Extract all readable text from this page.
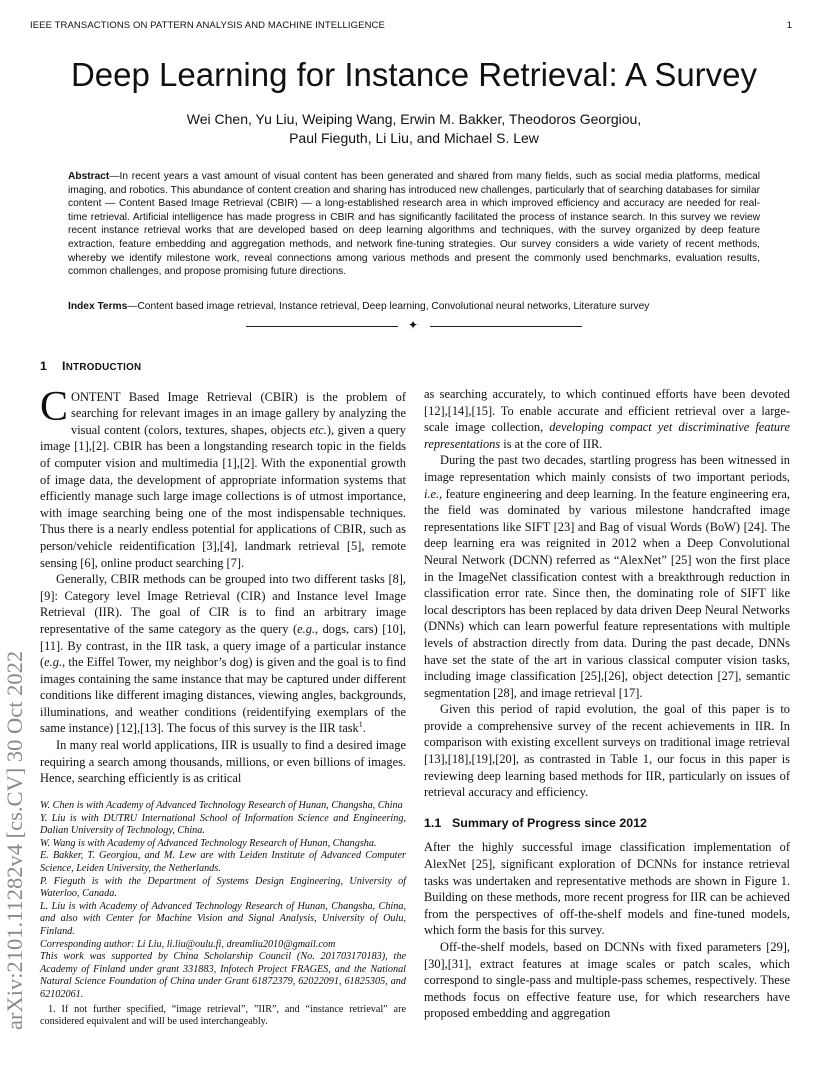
IEEE TRANSACTIONS ON PATTERN ANALYSIS AND MACHINE INTELLIGENCE	1
Deep Learning for Instance Retrieval: A Survey
Wei Chen, Yu Liu, Weiping Wang, Erwin M. Bakker, Theodoros Georgiou,
Paul Fieguth, Li Liu, and Michael S. Lew
Abstract—In recent years a vast amount of visual content has been generated and shared from many fields, such as social media platforms, medical imaging, and robotics. This abundance of content creation and sharing has introduced new challenges, particularly that of searching databases for similar content — Content Based Image Retrieval (CBIR) — a long-established research area in which improved efficiency and accuracy are needed for real-time retrieval. Artificial intelligence has made progress in CBIR and has significantly facilitated the process of instance search. In this survey we review recent instance retrieval works that are developed based on deep learning algorithms and techniques, with the survey organized by deep feature extraction, feature embedding and aggregation methods, and network fine-tuning strategies. Our survey considers a wide variety of recent methods, whereby we identify milestone work, reveal connections among various methods and present the commonly used benchmarks, evaluation results, common challenges, and propose promising future directions.
Index Terms—Content based image retrieval, Instance retrieval, Deep learning, Convolutional neural networks, Literature survey
✦
arXiv:2101.11282v4 [cs.CV] 30 Oct 2022
1 INTRODUCTION

CONTENT Based Image Retrieval (CBIR) is the problem of searching for relevant images in an image gallery by analyzing the visual content (colors, textures, shapes, objects etc.), given a query image [1],[2]. CBIR has been a longstanding research topic in the fields of computer vision and multimedia [1],[2]. With the exponential growth of image data, the development of appropriate information systems that efficiently manage such large image collections is of utmost importance, with image searching being one of the most indispensable techniques. Thus there is a nearly endless potential for applications of CBIR, such as person/vehicle reidentification [3],[4], landmark retrieval [5], remote sensing [6], online product searching [7].

Generally, CBIR methods can be grouped into two different tasks [8],[9]: Category level Image Retrieval (CIR) and Instance level Image Retrieval (IIR). The goal of CIR is to find an arbitrary image representative of the same category as the query (e.g., dogs, cars) [10],[11]. By contrast, in the IIR task, a query image of a particular instance (e.g., the Eiffel Tower, my neighbor’s dog) is given and the goal is to find images containing the same instance that may be captured under different conditions like different imaging distances, viewing angles, backgrounds, illuminations, and weather conditions (reidentifying exemplars of the same instance) [12],[13]. The focus of this survey is the IIR task$^1$.

In many real world applications, IIR is usually to find a desired image requiring a search among thousands, millions, or even billions of images. Hence, searching efficiently is as critical

W. Chen is with Academy of Advanced Technology Research of Hunan, Changsha, China

Y. Liu is with DUTRU International School of Information Science and Engineering, Dalian University of Technology, China.

W. Wang is with Academy of Advanced Technology Research of Hunan, Changsha.

E. Bakker, T. Georgiou, and M. Lew are with Leiden Institute of Advanced Computer Science, Leiden University, the Netherlands.

P. Fieguth is with the Department of Systems Design Engineering, University of Waterloo, Canada.

L. Liu is with Academy of Advanced Technology Research of Hunan, Changsha, China, and also with Center for Machine Vision and Signal Analysis, University of Oulu, Finland.

Corresponding author: Li Liu, li.liu@oulu.fi, dreamliu2010@gmail.com

This work was supported by China Scholarship Council (No. 201703170183), the Academy of Finland under grant 331883, Infotech Project FRAGES, and the National Natural Science Foundation of China under Grant 61872379, 62022091, 61825305, and 62102061.

1. If not further specified, “image retrieval”, ”IIR”, and “instance retrieval” are considered equivalent and will be used interchangeably.

as searching accurately, to which continued efforts have been devoted [12],[14],[15]. To enable accurate and efficient retrieval over a large-scale image collection, developing compact yet discriminative feature representations is at the core of IIR.

During the past two decades, startling progress has been witnessed in image representation which mainly consists of two important periods, i.e., feature engineering and deep learning. In the feature engineering era, the field was dominated by various milestone handcrafted image representations like SIFT [23] and Bag of visual Words (BoW) [24]. The deep learning era was reignited in 2012 when a Deep Convolutional Neural Network (DCNN) referred as “AlexNet” [25] won the first place in the ImageNet classification contest with a breakthrough reduction in classification error rate. Since then, the dominating role of SIFT like local descriptors has been replaced by data driven Deep Neural Networks (DNNs) which can learn powerful feature representations with multiple levels of abstraction directly from data. During the past decade, DNNs have set the state of the art in various classical computer vision tasks, including image classification [25],[26], object detection [27], semantic segmentation [28], and image retrieval [17].

Given this period of rapid evolution, the goal of this paper is to provide a comprehensive survey of the recent achievements in IIR. In comparison with existing excellent surveys on traditional image retrieval [13],[18],[19],[20], as contrasted in Table 1, our focus in this paper is reviewing deep learning based methods for IIR, particularly on issues of retrieval accuracy and efficiency.

1.1 Summary of Progress since 2012

After the highly successful image classification implementation of AlexNet [25], significant exploration of DCNNs for instance retrieval tasks was undertaken and representative methods are shown in Figure 1. Building on these methods, more recent progress for IIR can be achieved from the perspectives of off-the-shelf models and fine-tuned models, which form the basis for this survey.

Off-the-shelf models, based on DCNNs with fixed parameters [29],[30],[31], extract features at image scales or patch scales, which correspond to single-pass and multiple-pass schemes, respectively. These methods focus on effective feature use, for which researchers have proposed embedding and aggregation
